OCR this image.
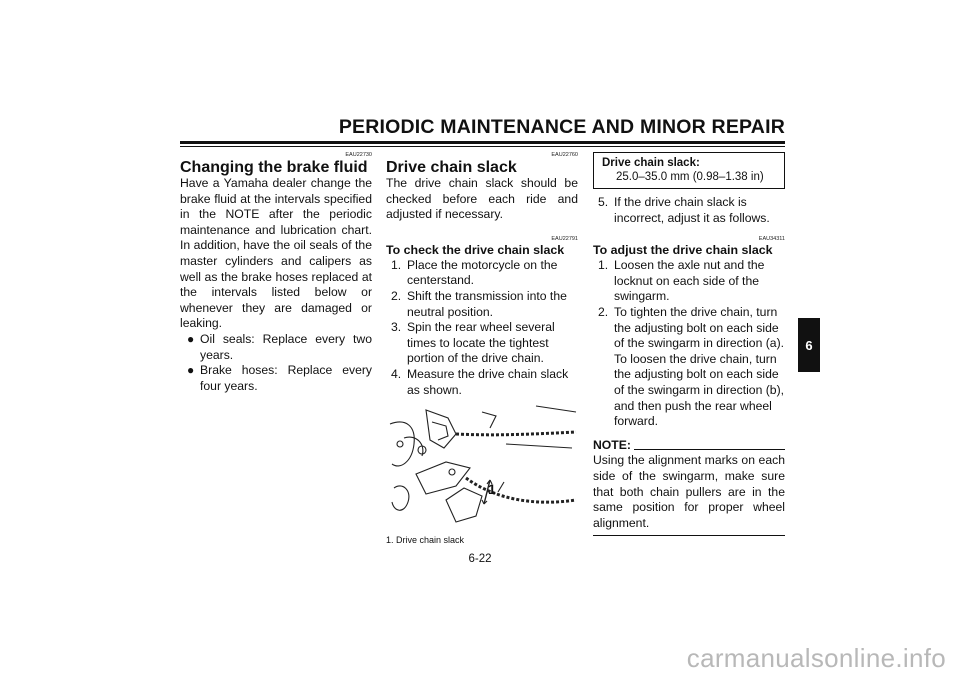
PERIODIC MAINTENANCE AND MINOR REPAIR
EAU22730
Changing the brake fluid

Have a Yamaha dealer change the brake fluid at the intervals specified in the NOTE after the periodic maintenance and lubrication chart. In addition, have the oil seals of the master cylinders and calipers as well as the brake hoses replaced at the intervals listed below or whenever they are damaged or leaking.

● Oil seals: Replace every two years.
● Brake hoses: Replace every four years.
EAU22760
Drive chain slack

The drive chain slack should be checked before each ride and adjusted if necessary.

EAU22791
To check the drive chain slack
1. Place the motorcycle on the centerstand.
2. Shift the transmission into the neutral position.
3. Spin the rear wheel several times to locate the tightest portion of the drive chain.
4. Measure the drive chain slack as shown.
1
1. Drive chain slack
Drive chain slack:
25.0–35.0 mm (0.98–1.38 in)
5. If the drive chain slack is incorrect, adjust it as follows.
EAU34311
To adjust the drive chain slack
1. Loosen the axle nut and the locknut on each side of the swingarm.
2. To tighten the drive chain, turn the adjusting bolt on each side of the swingarm in direction (a). To loosen the drive chain, turn the adjusting bolt on each side of the swingarm in direction (b), and then push the rear wheel forward.
NOTE:

Using the alignment marks on each side of the swingarm, make sure that both chain pullers are in the same position for proper wheel alignment.

6
6-22
carmanualsonline.info
